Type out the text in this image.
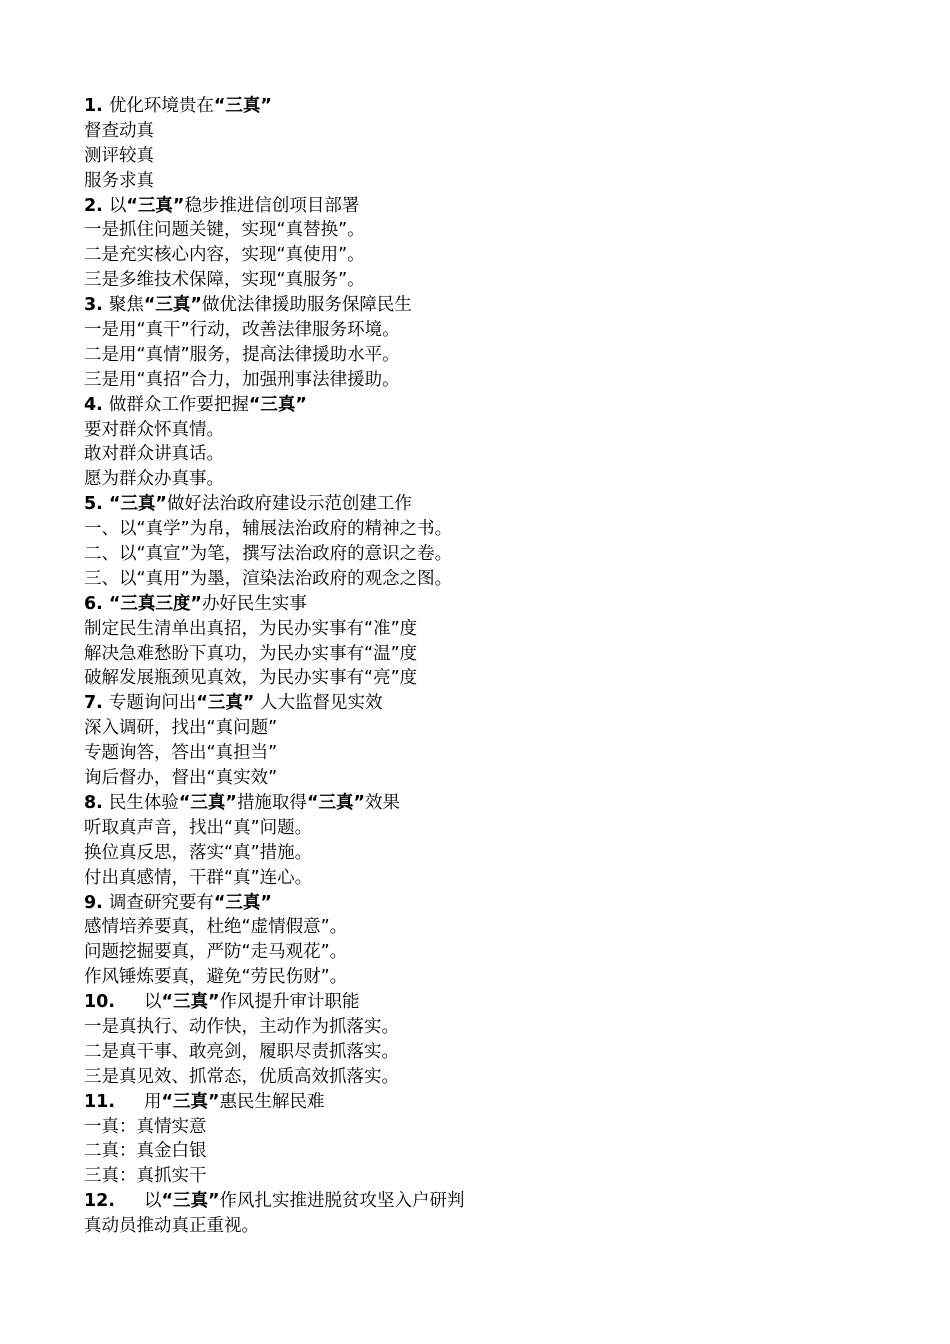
1. 优化环境贵在“三真”
督查动真
测评较真
服务求真
2. 以“三真”稳步推进信创项目部署
一是抓住问题关键，实现“真替换”。
二是充实核心内容，实现“真使用”。
三是多维技术保障，实现“真服务”。
3. 聚焦“三真”做优法律援助服务保障民生
一是用“真干”行动，改善法律服务环境。
二是用“真情”服务，提高法律援助水平。
三是用“真招”合力，加强刑事法律援助。
4. 做群众工作要把握“三真”
要对群众怀真情。
敢对群众讲真话。
愿为群众办真事。
5. “三真”做好法治政府建设示范创建工作
一、以“真学”为帛，辅展法治政府的精神之书。
二、以“真宣”为笔，撰写法治政府的意识之卷。
三、以“真用”为墨，渲染法治政府的观念之图。
6. “三真三度”办好民生实事
制定民生清单出真招，为民办实事有“准”度
解决急难愁盼下真功，为民办实事有“温”度
破解发展瓶颈见真效，为民办实事有“亮”度
7. 专题询问出“三真” 人大监督见实效
深入调研，找出“真问题”
专题询答，答出“真担当”
询后督办，督出“真实效”
8. 民生体验“三真”措施取得“三真”效果
听取真声音，找出“真”问题。
换位真反思，落实“真”措施。
付出真感情，干群“真”连心。
9. 调查研究要有“三真”
感情培养要真，杜绝“虚情假意”。
问题挖掘要真，严防“走马观花”。
作风锤炼要真，避免“劳民伤财”。
10. 以“三真”作风提升审计职能
一是真执行、动作快，主动作为抓落实。
二是真干事、敢亮剑，履职尽责抓落实。
三是真见效、抓常态，优质高效抓落实。
11. 用“三真”惠民生解民难
一真：真情实意
二真：真金白银
三真：真抓实干
12. 以“三真”作风扎实推进脱贫攻坚入户研判
真动员推动真正重视。
